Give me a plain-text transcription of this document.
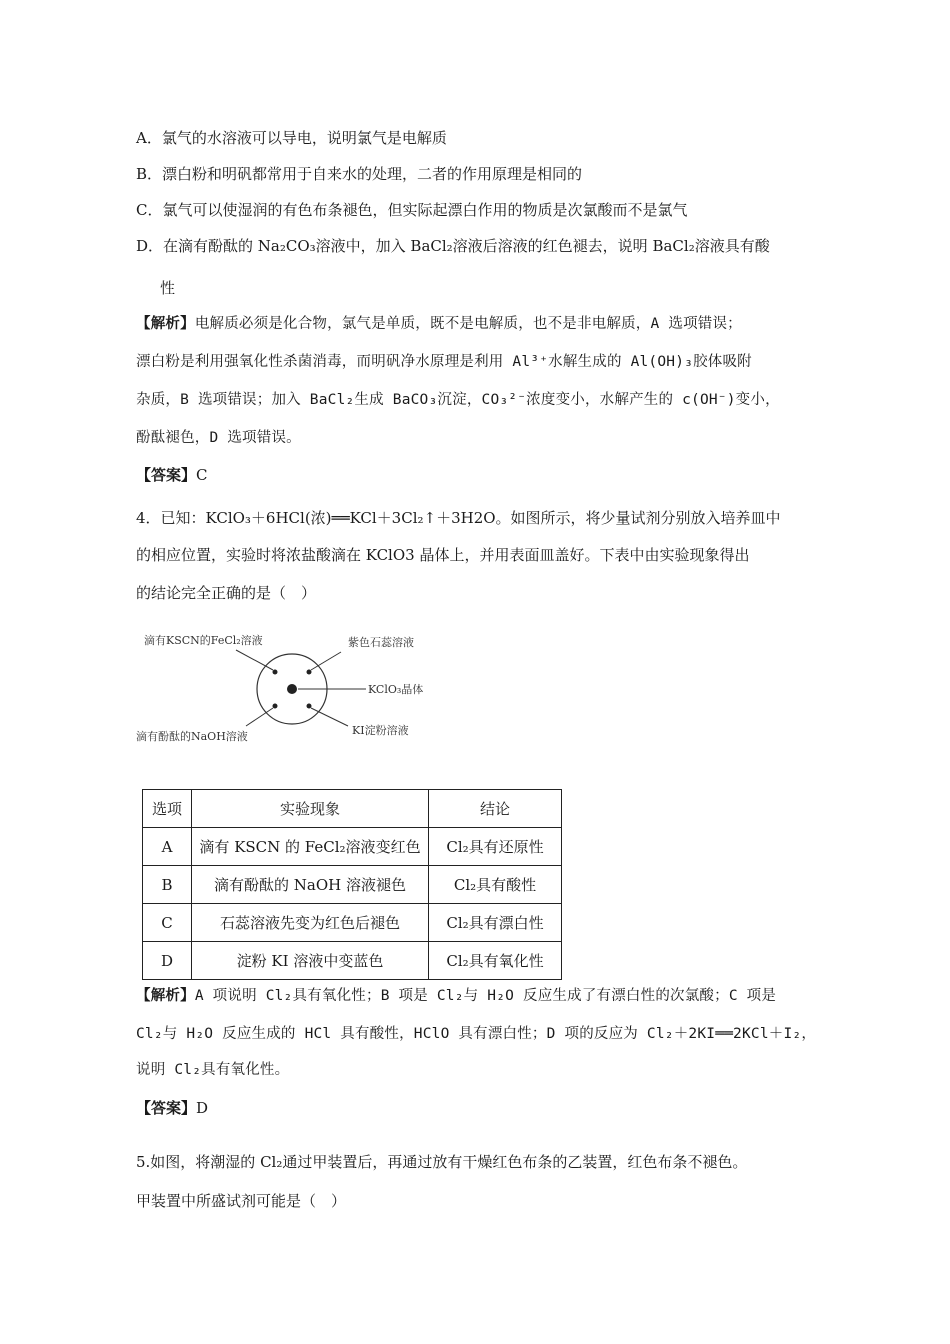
A．氯气的水溶液可以导电，说明氯气是电解质
B．漂白粉和明矾都常用于自来水的处理，二者的作用原理是相同的
C．氯气可以使湿润的有色布条褪色，但实际起漂白作用的物质是次氯酸而不是氯气
D．在滴有酚酞的 Na₂CO₃溶液中，加入 BaCl₂溶液后溶液的红色褪去，说明 BaCl₂溶液具有酸
性
【解析】电解质必须是化合物，氯气是单质，既不是电解质，也不是非电解质，A 选项错误；
漂白粉是利用强氧化性杀菌消毒，而明矾净水原理是利用 Al³⁺水解生成的 Al(OH)₃胶体吸附
杂质，B 选项错误；加入 BaCl₂生成 BaCO₃沉淀，CO₃²⁻浓度变小，水解产生的 c(OH⁻)变小，
酚酞褪色，D 选项错误。
【答案】C
4．已知：KClO₃＋6HCl(浓)══KCl＋3Cl₂↑＋3H2O。如图所示，将少量试剂分别放入培养皿中
的相应位置，实验时将浓盐酸滴在 KClO3 晶体上，并用表面皿盖好。下表中由实验现象得出
的结论完全正确的是（　）
滴有KSCN的FeCl₂溶液	紫色石蕊溶液
KClO₃晶体
KI淀粉溶液
滴有酚酞的NaOH溶液
选项	实验现象	结论
A	滴有 KSCN 的 FeCl₂溶液变红色	Cl₂具有还原性
B	滴有酚酞的 NaOH 溶液褪色	Cl₂具有酸性
C	石蕊溶液先变为红色后褪色	Cl₂具有漂白性
D	淀粉 KI 溶液中变蓝色	Cl₂具有氧化性
【解析】A 项说明 Cl₂具有氧化性；B 项是 Cl₂与 H₂O 反应生成了有漂白性的次氯酸；C 项是
Cl₂与 H₂O 反应生成的 HCl 具有酸性，HClO 具有漂白性；D 项的反应为 Cl₂＋2KI══2KCl＋I₂，
说明 Cl₂具有氧化性。
【答案】D
5.如图，将潮湿的 Cl₂通过甲装置后，再通过放有干燥红色布条的乙装置，红色布条不褪色。
甲装置中所盛试剂可能是（　）
